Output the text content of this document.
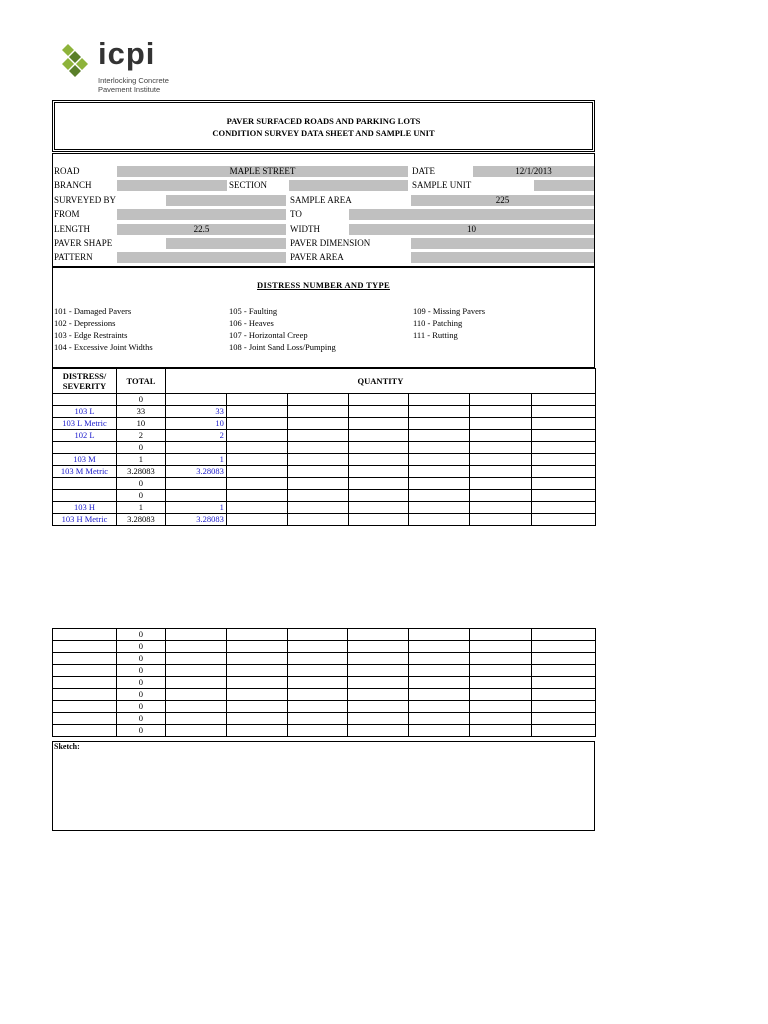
icpi
Interlocking Concrete
Pavement Institute
PAVER SURFACED ROADS AND PARKING LOTS
CONDITION SURVEY DATA SHEET AND SAMPLE UNIT
ROAD	MAPLE STREET	DATE	12/1/2013
BRANCH	SECTION	SAMPLE UNIT
SURVEYED BY	SAMPLE AREA	225
FROM	TO
LENGTH	22.5	WIDTH	10
PAVER SHAPE	PAVER DIMENSION
PATTERN	PAVER AREA
DISTRESS NUMBER AND TYPE
101 - Damaged Pavers
102 - Depressions
103 - Edge Restraints
104 - Excessive Joint Widths
105 - Faulting
106 - Heaves
107 - Horizontal Creep
108 - Joint Sand Loss/Pumping
109 - Missing Pavers
110 - Patching
111 - Rutting
DISTRESS/
SEVERITY	TOTAL	QUANTITY						
	0							
103 L	33	33						
103 L Metric	10	10						
102 L	2	2						
	0							
103 M	1	1						
103 M Metric	3.28083	3.28083						
	0							
	0							
103 H	1	1						
103 H Metric	3.28083	3.28083						
	0							
	0							
	0							
	0							
	0							
	0							
	0							
	0							
	0							
Sketch:
